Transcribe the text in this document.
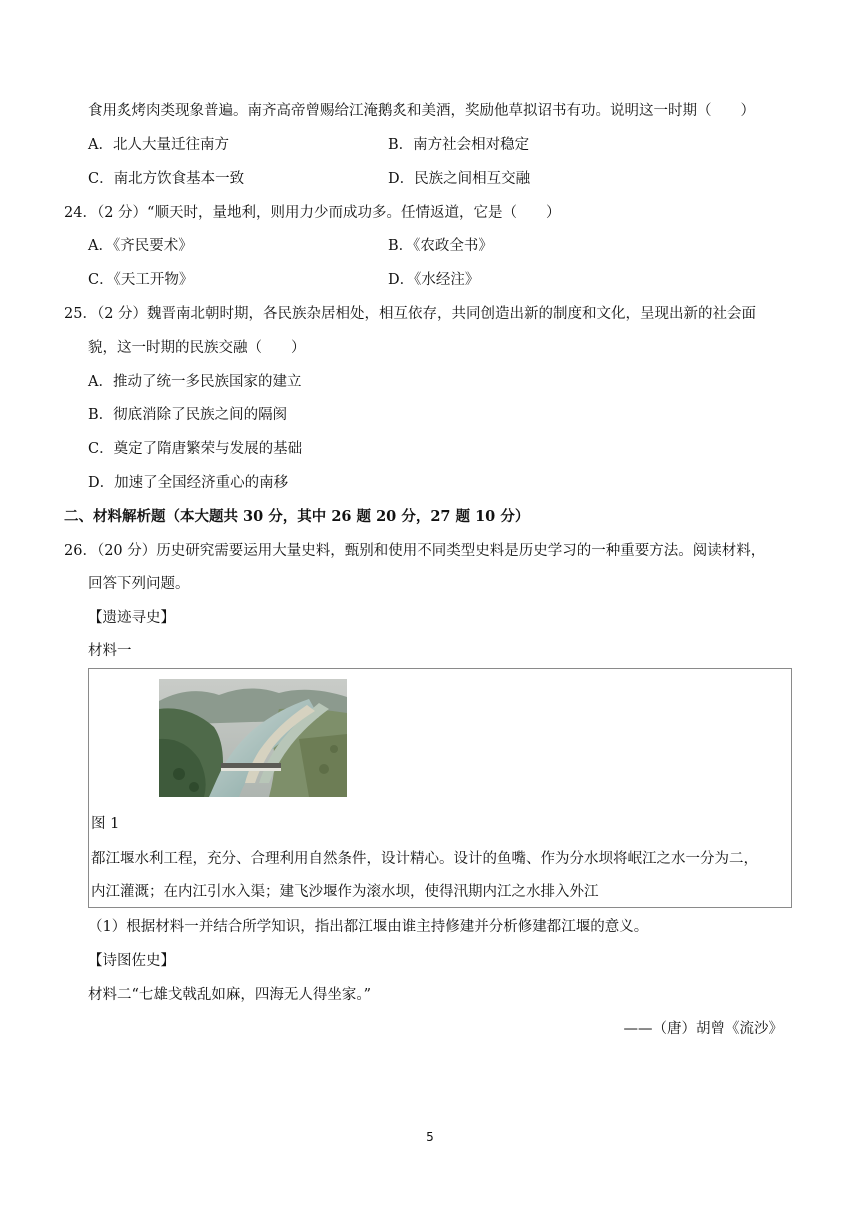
食用炙烤肉类现象普遍。南齐高帝曾赐给江淹鹅炙和美酒，奖励他草拟诏书有功。说明这一时期（　　）
A．北人大量迁往南方	B．南方社会相对稳定
C．南北方饮食基本一致	D．民族之间相互交融
24．（2 分）“顺天时，量地利，则用力少而成功多。任情返道，它是（　　）
A．《齐民要术》	B．《农政全书》
C．《天工开物》	D．《水经注》
25．（2 分）魏晋南北朝时期，各民族杂居相处，相互依存，共同创造出新的制度和文化，呈现出新的社会面
貌，这一时期的民族交融（　　）
A．推动了统一多民族国家的建立
B．彻底消除了民族之间的隔阂
C．奠定了隋唐繁荣与发展的基础
D．加速了全国经济重心的南移
二、材料解析题（本大题共 30 分，其中 26 题 20 分，27 题 10 分）
26．（20 分）历史研究需要运用大量史料，甄别和使用不同类型史料是历史学习的一种重要方法。阅读材料，
回答下列问题。
【遗迹寻史】
材料一
图 1
都江堰水利工程，充分、合理利用自然条件，设计精心。设计的鱼嘴、作为分水坝将岷江之水一分为二，
内江灌溉；在内江引水入渠；建飞沙堰作为滚水坝，使得汛期内江之水排入外江
（1）根据材料一并结合所学知识，指出都江堰由谁主持修建并分析修建都江堰的意义。
【诗图佐史】
材料二“七雄戈戟乱如麻，四海无人得坐家。”
——（唐）胡曾《流沙》
5
